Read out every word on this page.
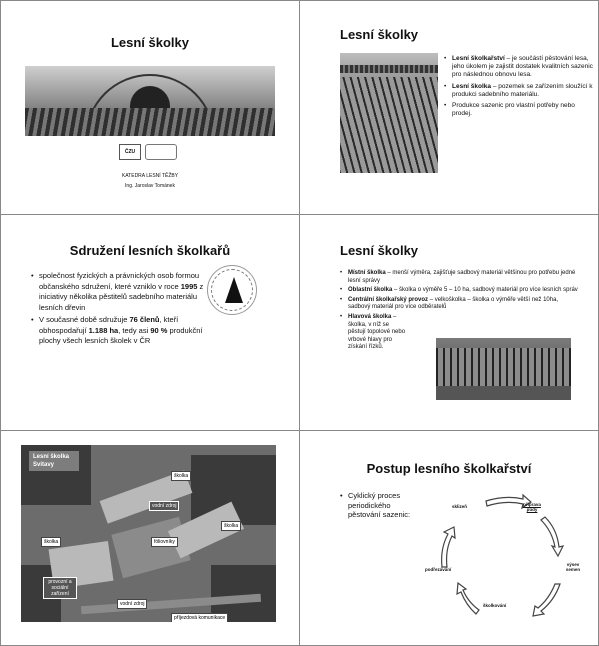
Lesní školky
ČZU
KATEDRA LESNÍ TĚŽBY
Ing. Jaroslav Tománek
Lesní školky
• Lesní školkařství – je součástí pěstování lesa, jeho úkolem je zajistit dostatek kvalitních sazenic pro následnou obnovu lesa.
• Lesní školka – pozemek se zařízením sloužící k produkci sadebního materiálu.
• Produkce sazenic pro vlastní potřeby nebo prodej.
Sdružení lesních školkařů
• společnost fyzických a právnických osob formou občanského sdružení, které vzniklo v roce 1995 z iniciativy několika pěstitelů sadebního materiálu lesních dřevin
• V současné době sdružuje 76 členů, kteří obhospodařují 1.188 ha, tedy asi 90 % produkční plochy všech lesních školek v ČR
Lesní školky
• Místní školka – menší výměra, zajišťuje sadbový materiál většinou pro potřebu jedné lesní správy
• Oblastní školka – školka o výměře 5 – 10 ha, sadbový materiál pro více lesních správ
• Centrální školkařský provoz – velkoškolka – školka o výměře větší než 10ha, sadbový materiál pro více odběratelů
• Hlavová školka – školka, v níž se pěstují topolové nebo vrbové hlavy pro získání řízků.
Lesní školka Svitavy
školka
vodní zdroj
školka
školka	fóliovníky
provozní a sociální zařízení
vodní zdroj
příjezdová komunikace
Postup lesního školkařství
• Cyklický proces periodického pěstování sazenic:
sklizeň	příprava půdy
výsev semen
školkování
podřezávání
